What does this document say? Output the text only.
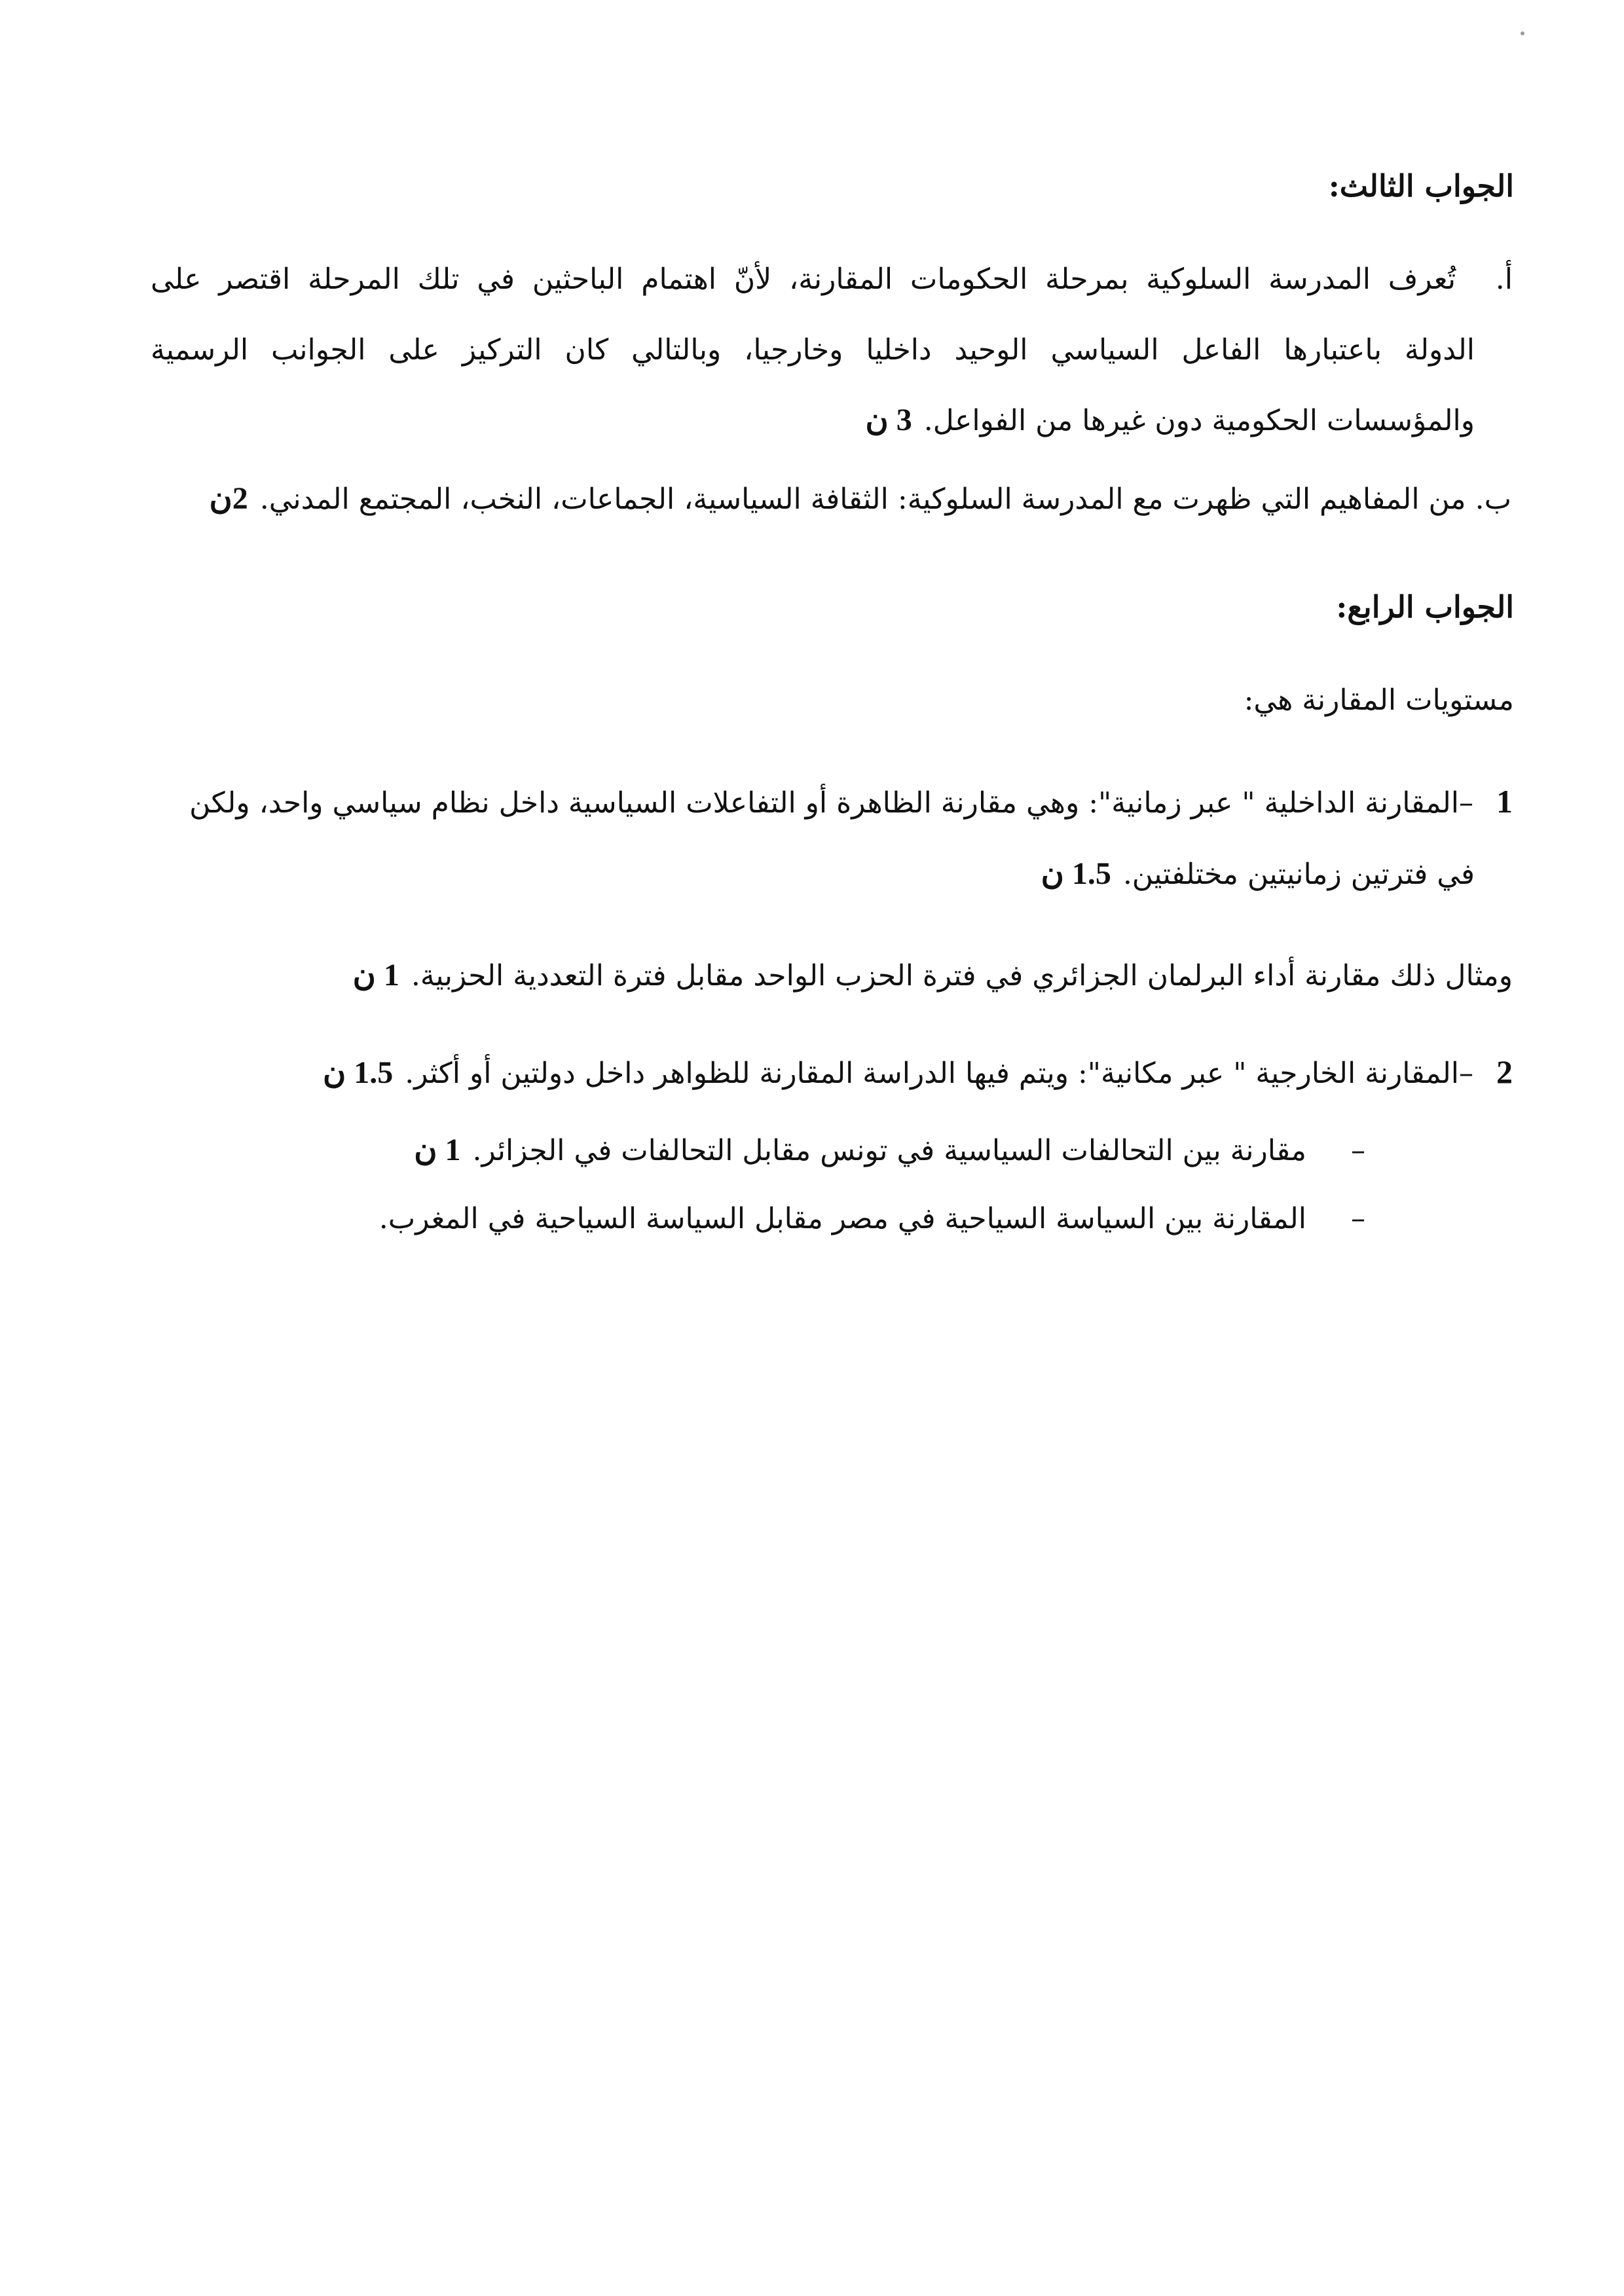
الجواب الثالث:
أ. تُعرف المدرسة السلوكية بمرحلة الحكومات المقارنة، لأنّ اهتمام الباحثين في تلك المرحلة اقتصر على
الدولة باعتبارها الفاعل السياسي الوحيد داخليا وخارجيا، وبالتالي كان التركيز على الجوانب الرسمية
والمؤسسات الحكومية دون غيرها من الفواعل.3 ن
ب. من المفاهيم التي ظهرت مع المدرسة السلوكية: الثقافة السياسية، الجماعات، النخب، المجتمع المدني.2ن
الجواب الرابع:
مستويات المقارنة هي:
1–المقارنة الداخلية " عبر زمانية": وهي مقارنة الظاهرة أو التفاعلات السياسية داخل نظام سياسي واحد، ولكن
في فترتين زمانيتين مختلفتين.1.5 ن
ومثال ذلك مقارنة أداء البرلمان الجزائري في فترة الحزب الواحد مقابل فترة التعددية الحزبية.1 ن
2–المقارنة الخارجية " عبر مكانية": ويتم فيها الدراسة المقارنة للظواهر داخل دولتين أو أكثر.1.5 ن
–مقارنة بين التحالفات السياسية في تونس مقابل التحالفات في الجزائر.1 ن
–المقارنة بين السياسة السياحية في مصر مقابل السياسة السياحية في المغرب.
